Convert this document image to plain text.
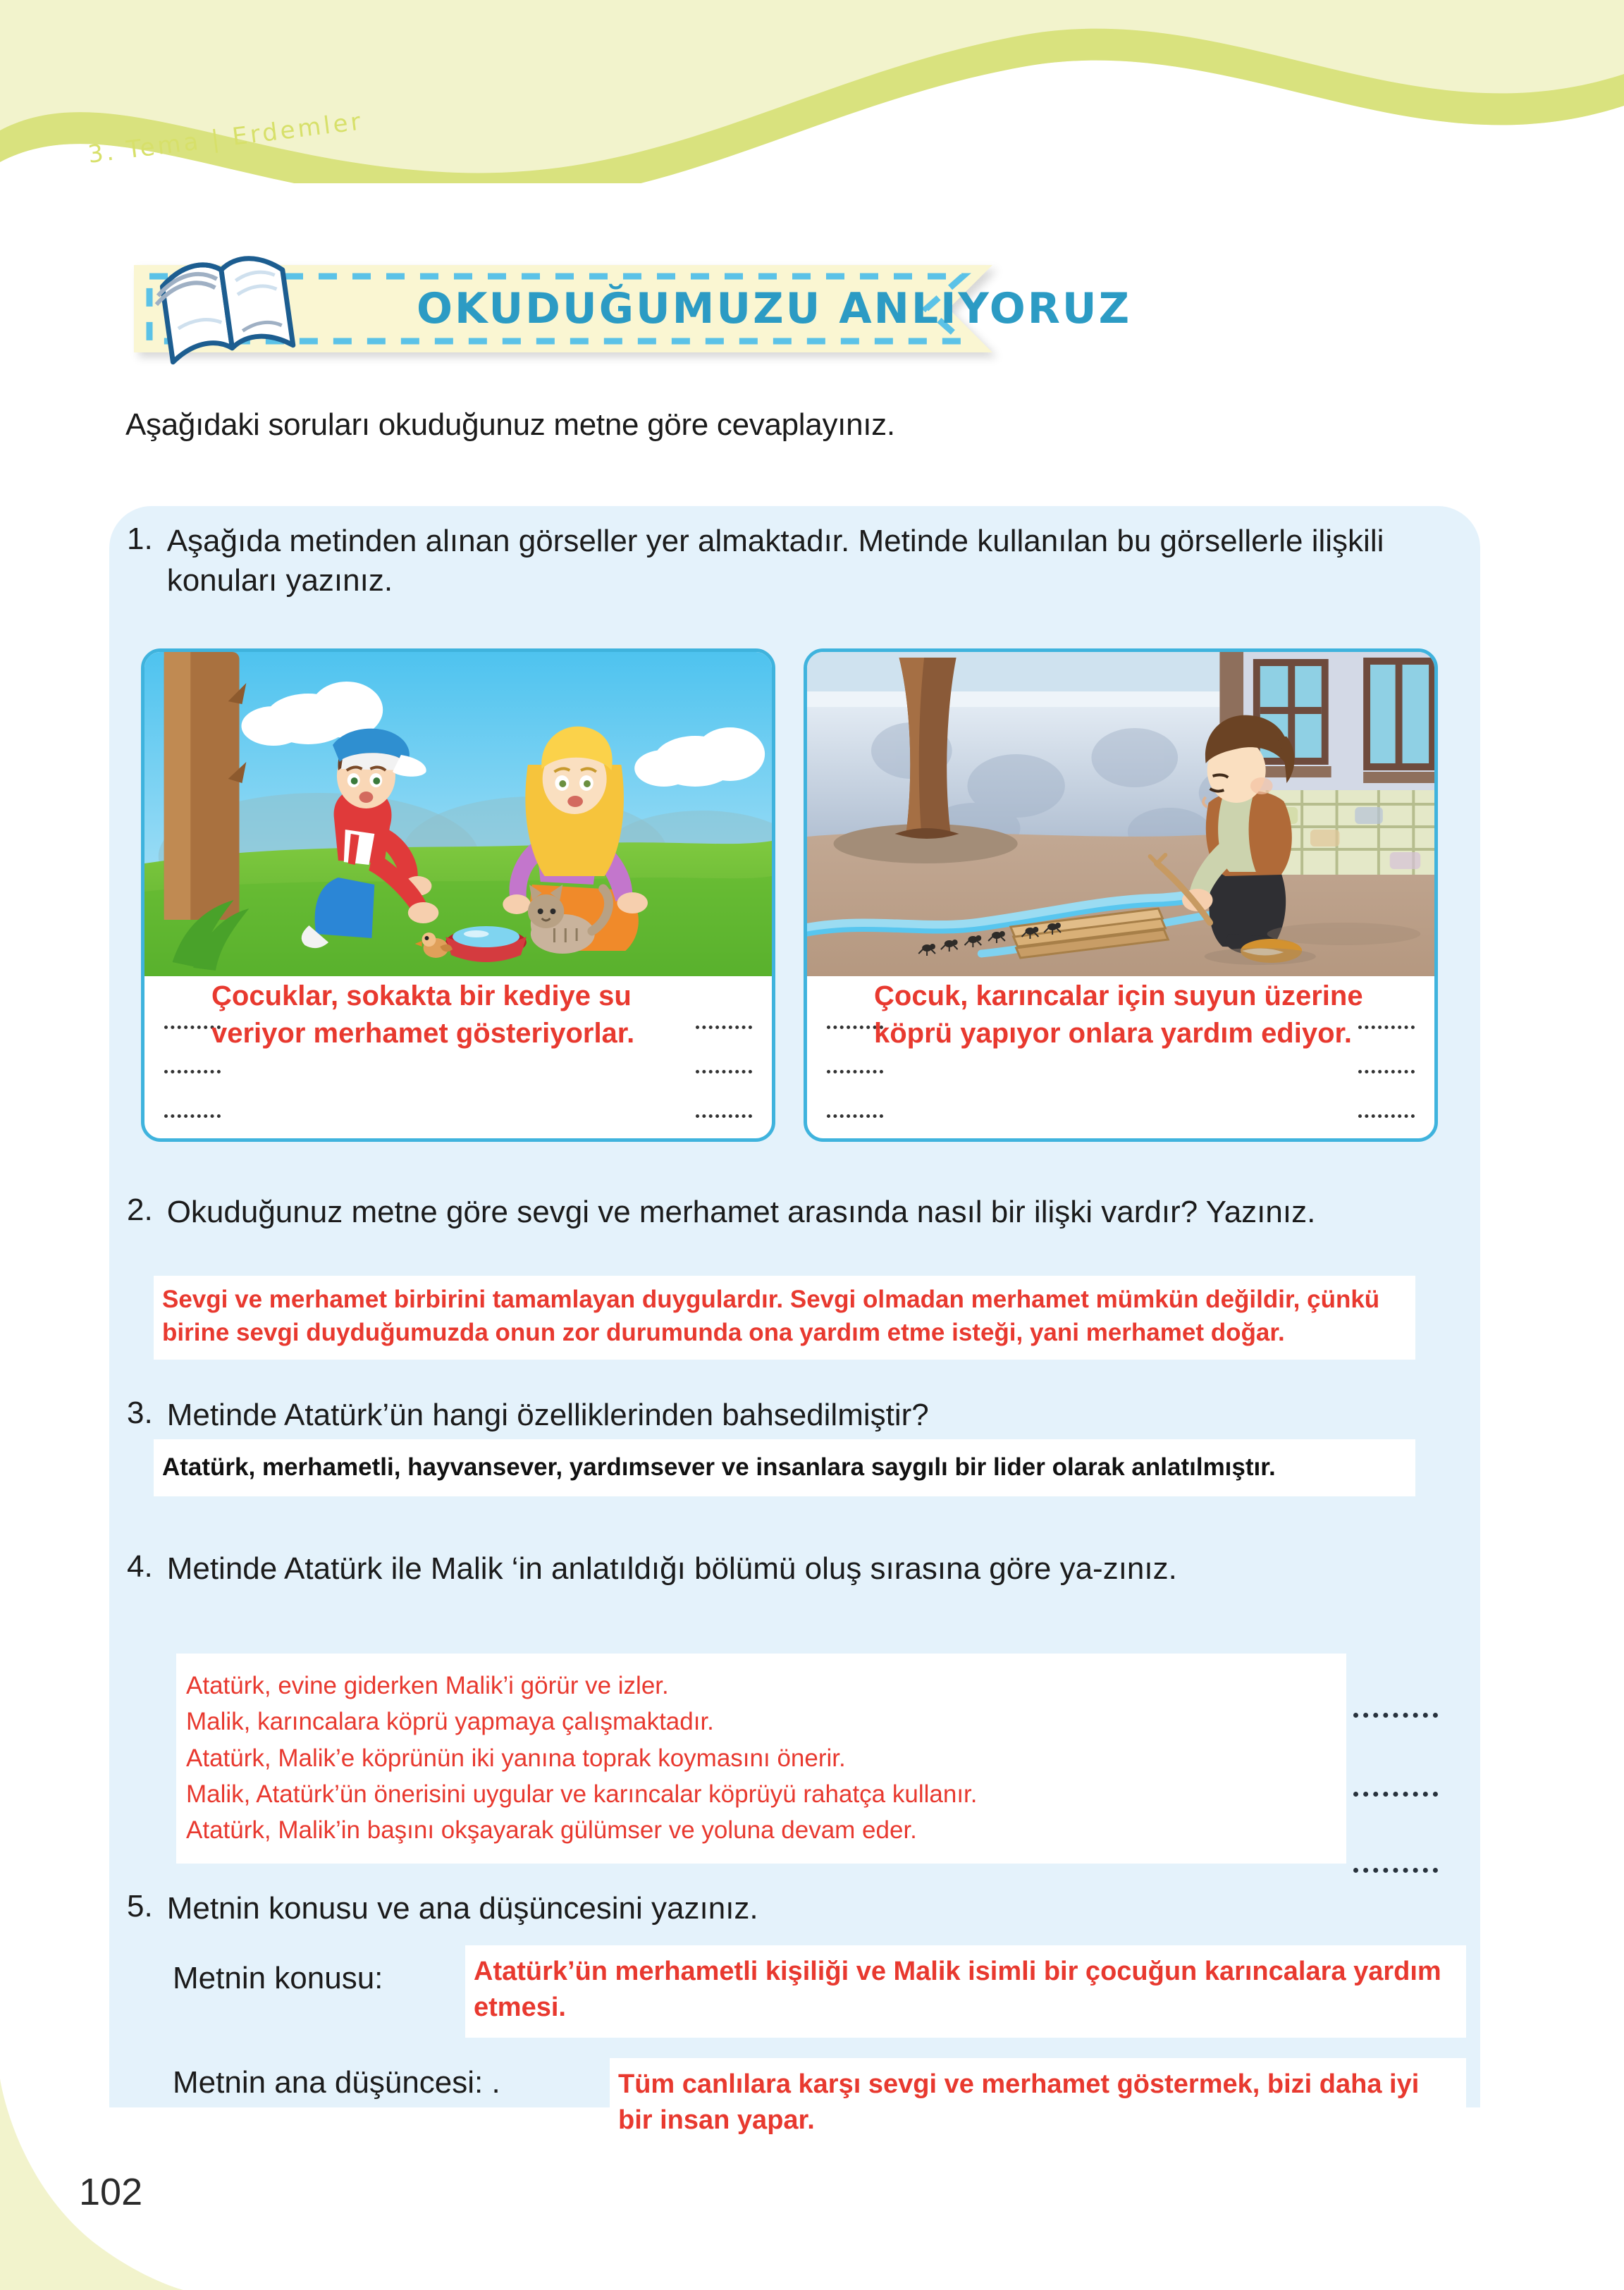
3. Tema | Erdemler
OKUDUĞUMUZU ANLIYORUZ
Aşağıdaki soruları okuduğunuz metne göre cevaplayınız.
1. Aşağıda metinden alınan görseller yer almaktadır. Metinde kullanılan bu görsellerle ilişkili konuları yazınız.
Çocuklar, sokakta bir kediye su veriyor merhamet gösteriyorlar.
Çocuk, karıncalar için suyun üzerine köprü yapıyor onlara yardım ediyor.
2. Okuduğunuz metne göre sevgi ve merhamet arasında nasıl bir ilişki vardır? Yazınız.
Sevgi ve merhamet birbirini tamamlayan duygulardır. Sevgi olmadan merhamet mümkün değildir, çünkü birine sevgi duyduğumuzda onun zor durumunda ona yardım etme isteği, yani merhamet doğar.
3. Metinde Atatürk’ün hangi özelliklerinden bahsedilmiştir?
Atatürk, merhametli, hayvansever, yardımsever ve insanlara saygılı bir lider olarak anlatılmıştır.
4. Metinde Atatürk ile Malik ‘in anlatıldığı bölümü oluş sırasına göre ya-zınız.
Atatürk, evine giderken Malik’i görür ve izler.
Malik, karıncalara köprü yapmaya çalışmaktadır.
Atatürk, Malik’e köprünün iki yanına toprak koymasını önerir.
Malik, Atatürk’ün önerisini uygular ve karıncalar köprüyü rahatça kullanır.
Atatürk, Malik’in başını okşayarak gülümser ve yoluna devam eder.
5. Metnin konusu ve ana düşüncesini yazınız.
Metnin konusu:	Atatürk’ün merhametli kişiliği ve Malik isimli bir çocuğun karıncalara yardım etmesi.
Metnin ana düşüncesi: .	Tüm canlılara karşı sevgi ve merhamet göstermek, bizi daha iyi bir insan yapar.
102
